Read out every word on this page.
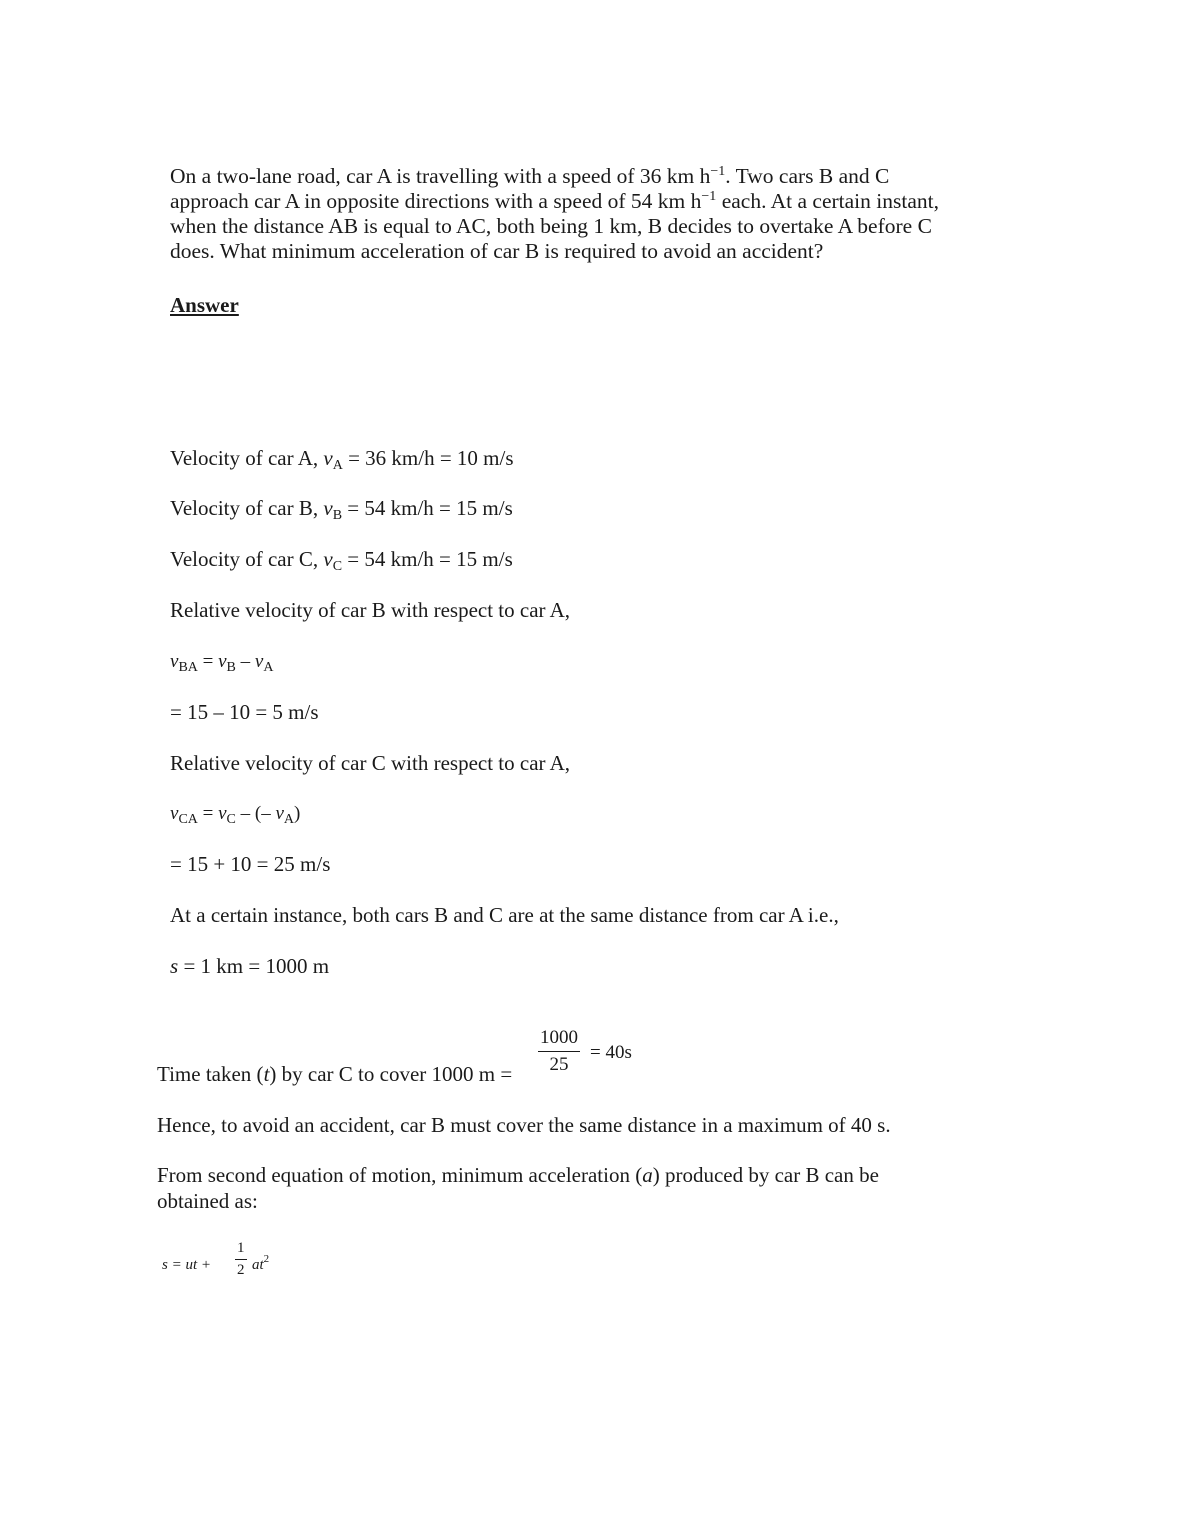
On a two-lane road, car A is travelling with a speed of 36 km $h^{-1}$. Two cars B and C
approach car A in opposite directions with a speed of 54 km $h^{-1}$ each. At a certain instant,
when the distance AB is equal to AC, both being 1 km, B decides to overtake A before C
does. What minimum acceleration of car B is required to avoid an accident?

Answer

Velocity of car A, $v_A = 36$ km/h = 10 m/s

Velocity of car B, $v_B = 54$ km/h = 15 m/s

Velocity of car C, $v_C = 54$ km/h = 15 m/s

Relative velocity of car B with respect to car A,

$v_{BA} = v_B - v_A$

= 15 – 10 = 5 m/s

Relative velocity of car C with respect to car A,

$v_{CA} = v_C$ – (– $v_A$)

= 15 + 10 = 25 m/s

At a certain instance, both cars B and C are at the same distance from car A i.e.,

s = 1 km = 1000 m

$\frac{1000}{25} = 40s$

Time taken (t) by car C to cover 1000 m =

Hence, to avoid an accident, car B must cover the same distance in a maximum of 40 s.

From second equation of motion, minimum acceleration (a) produced by car B can be

obtained as:

s = ut + $\frac{1}{2} at^2$
